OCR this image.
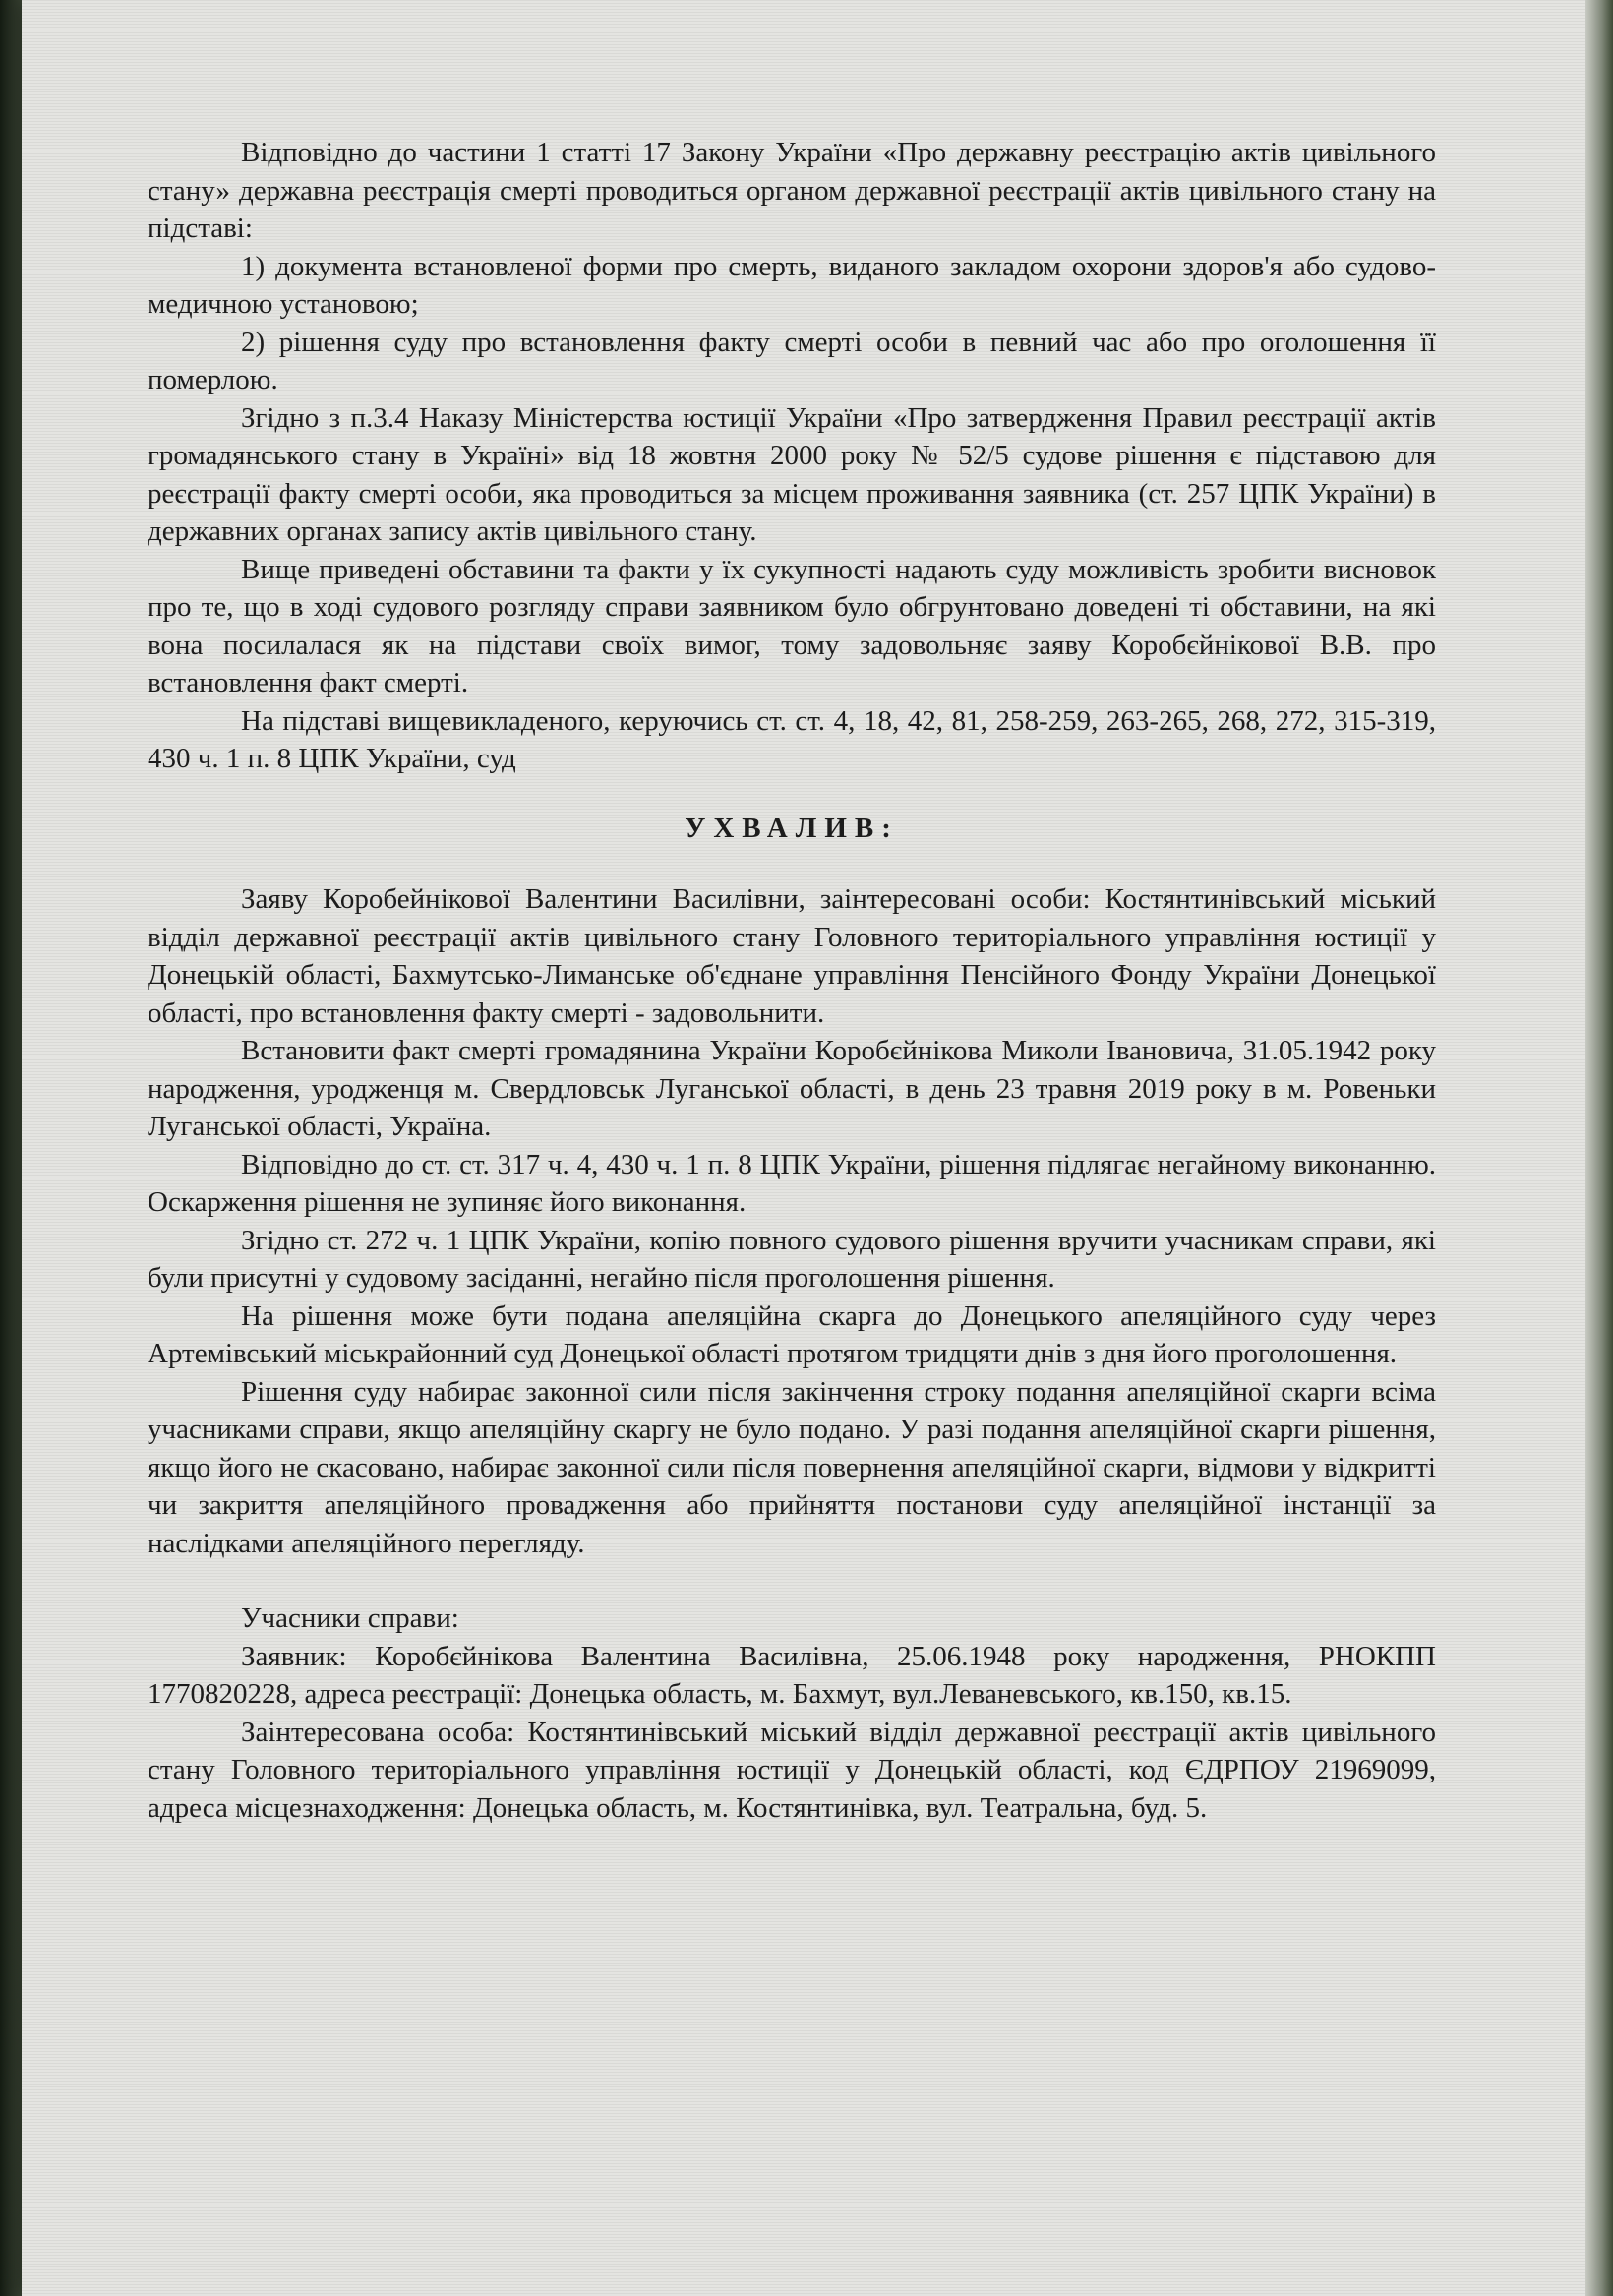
Відповідно до частини 1 статті 17 Закону України «Про державну реєстрацію актів цивільного стану» державна реєстрація смерті проводиться органом державної реєстрації актів цивільного стану на підставі:

1) документа встановленої форми про смерть, виданого закладом охорони здоров'я або судово-медичною установою;

2) рішення суду про встановлення факту смерті особи в певний час або про оголошення її померлою.

Згідно з п.3.4 Наказу Міністерства юстиції України «Про затвердження Правил реєстрації актів громадянського стану в Україні» від 18 жовтня 2000 року № 52/5 судове рішення є підставою для реєстрації факту смерті особи, яка проводиться за місцем проживання заявника (ст. 257 ЦПК України) в державних органах запису актів цивільного стану.

Вище приведені обставини та факти у їх сукупності надають суду можливість зробити висновок про те, що в ході судового розгляду справи заявником було обгрунтовано доведені ті обставини, на які вона посилалася як на підстави своїх вимог, тому задовольняє заяву Коробєйнікової В.В. про встановлення факт смерті.

На підставі вищевикладеного, керуючись ст. ст. 4, 18, 42, 81, 258-259, 263-265, 268, 272, 315-319, 430 ч. 1 п. 8 ЦПК України, суд

УХВАЛИВ:

Заяву Коробейнікової Валентини Василівни, заінтересовані особи: Костянтинівський міський відділ державної реєстрації актів цивільного стану Головного територіального управління юстиції у Донецькій області, Бахмутсько-Лиманське об'єднане управління Пенсійного Фонду України Донецької області, про встановлення факту смерті - задовольнити.

Встановити факт смерті громадянина України Коробєйнікова Миколи Івановича, 31.05.1942 року народження, уродженця м. Свердловськ Луганської області, в день 23 травня 2019 року в м. Ровеньки Луганської області, Україна.

Відповідно до ст. ст. 317 ч. 4, 430 ч. 1 п. 8 ЦПК України, рішення підлягає негайному виконанню. Оскарження рішення не зупиняє його виконання.

Згідно ст. 272 ч. 1 ЦПК України, копію повного судового рішення вручити учасникам справи, які були присутні у судовому засіданні, негайно після проголошення рішення.

На рішення може бути подана апеляційна скарга до Донецького апеляційного суду через Артемівський міськрайонний суд Донецької області протягом тридцяти днів з дня його проголошення.

Рішення суду набирає законної сили після закінчення строку подання апеляційної скарги всіма учасниками справи, якщо апеляційну скаргу не було подано. У разі подання апеляційної скарги рішення, якщо його не скасовано, набирає законної сили після повернення апеляційної скарги, відмови у відкритті чи закриття апеляційного провадження або прийняття постанови суду апеляційної інстанції за наслідками апеляційного перегляду.

Учасники справи:

Заявник: Коробєйнікова Валентина Василівна, 25.06.1948 року народження, РНОКПП 1770820228, адреса реєстрації: Донецька область, м. Бахмут, вул.Леваневського, кв.150, кв.15.

Заінтересована особа: Костянтинівський міський відділ державної реєстрації актів цивільного стану Головного територіального управління юстиції у Донецькій області, код ЄДРПОУ 21969099, адреса місцезнаходження: Донецька область, м. Костянтинівка, вул. Театральна, буд. 5.
